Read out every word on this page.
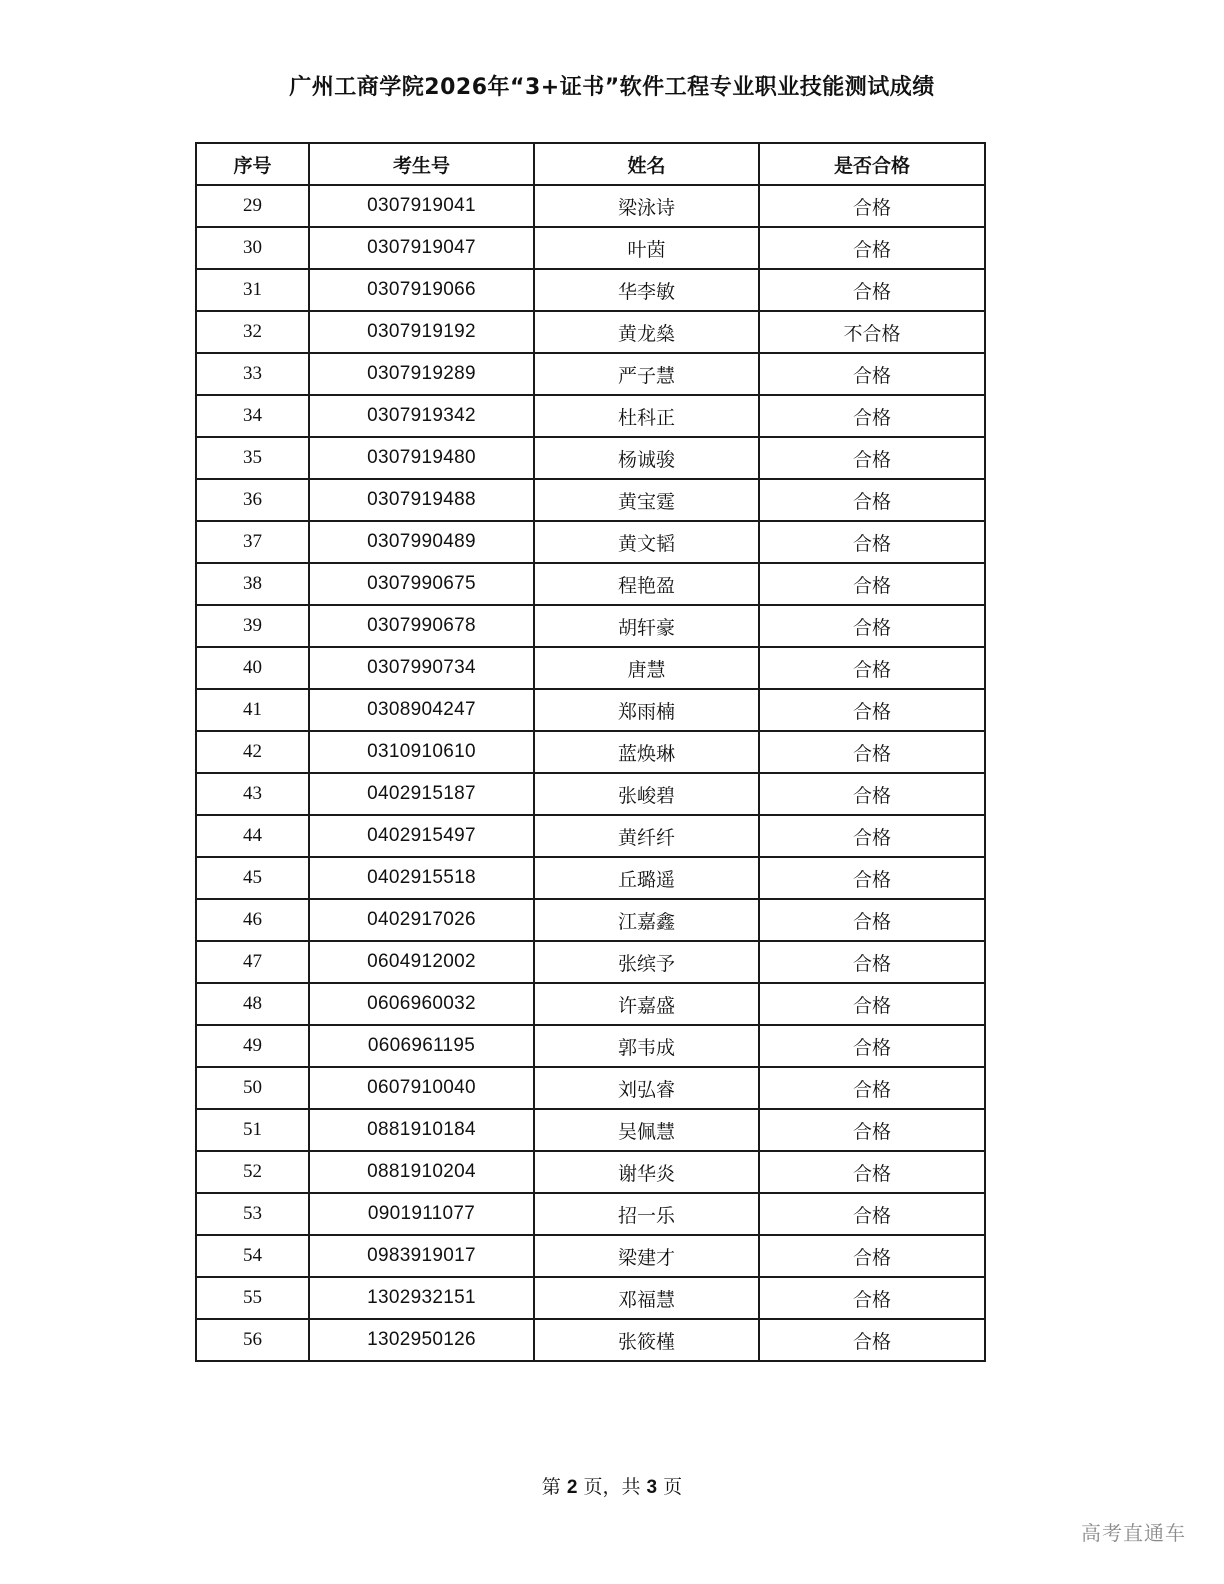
广州工商学院2026年“3+证书”软件工程专业职业技能测试成绩
序号	考生号	姓名	是否合格
29	0307919041	梁泳诗	合格
30	0307919047	叶茵	合格
31	0307919066	华李敏	合格
32	0307919192	黄龙燊	不合格
33	0307919289	严子慧	合格
34	0307919342	杜科正	合格
35	0307919480	杨诚骏	合格
36	0307919488	黄宝霆	合格
37	0307990489	黄文韬	合格
38	0307990675	程艳盈	合格
39	0307990678	胡轩豪	合格
40	0307990734	唐慧	合格
41	0308904247	郑雨楠	合格
42	0310910610	蓝焕琳	合格
43	0402915187	张峻碧	合格
44	0402915497	黄纤纤	合格
45	0402915518	丘璐遥	合格
46	0402917026	江嘉鑫	合格
47	0604912002	张缤予	合格
48	0606960032	许嘉盛	合格
49	0606961195	郭韦成	合格
50	0607910040	刘弘睿	合格
51	0881910184	吴佩慧	合格
52	0881910204	谢华炎	合格
53	0901911077	招一乐	合格
54	0983919017	梁建才	合格
55	1302932151	邓福慧	合格
56	1302950126	张筱槿	合格
第 2 页，共 3 页
高考直通车
